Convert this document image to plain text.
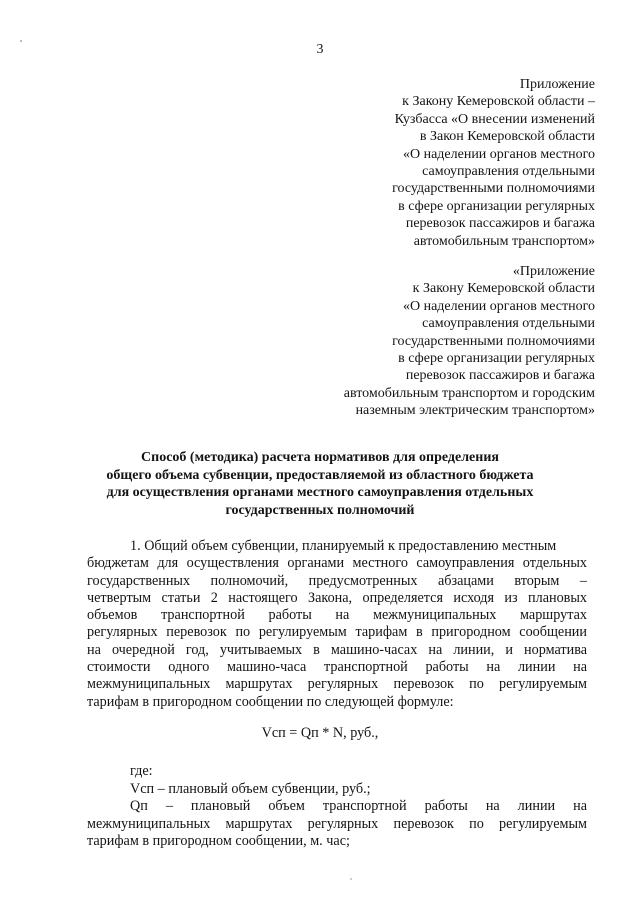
3
Приложение
к Закону Кемеровской области –
Кузбасса «О внесении изменений
в Закон Кемеровской области
«О наделении органов местного
самоуправления отдельными
государственными полномочиями
в сфере организации регулярных
перевозок пассажиров и багажа
автомобильным транспортом»
«Приложение
к Закону Кемеровской области
«О наделении органов местного
самоуправления отдельными
государственными полномочиями
в сфере организации регулярных
перевозок пассажиров и багажа
автомобильным транспортом и городским
наземным электрическим транспортом»
Способ (методика) расчета нормативов для определения
общего объема субвенции, предоставляемой из областного бюджета
для осуществления органами местного самоуправления отдельных
государственных полномочий
1. Общий объем субвенции, планируемый к предоставлению местным
бюджетам для осуществления органами местного самоуправления отдельных
государственных полномочий, предусмотренных абзацами вторым –
четвертым статьи 2 настоящего Закона, определяется исходя из плановых
объемов транспортной работы на межмуниципальных маршрутах
регулярных перевозок по регулируемым тарифам в пригородном сообщении
на очередной год, учитываемых в машино-часах на линии, и норматива
стоимости одного машино-часа транспортной работы на линии на
межмуниципальных маршрутах регулярных перевозок по регулируемым
тарифам в пригородном сообщении по следующей формуле:
Vсп = Qп * N, руб.,
где:
Vсп – плановый объем субвенции, руб.;
Qп – плановый объем транспортной работы на линии на
межмуниципальных маршрутах регулярных перевозок по регулируемым
тарифам в пригородном сообщении, м. час;
